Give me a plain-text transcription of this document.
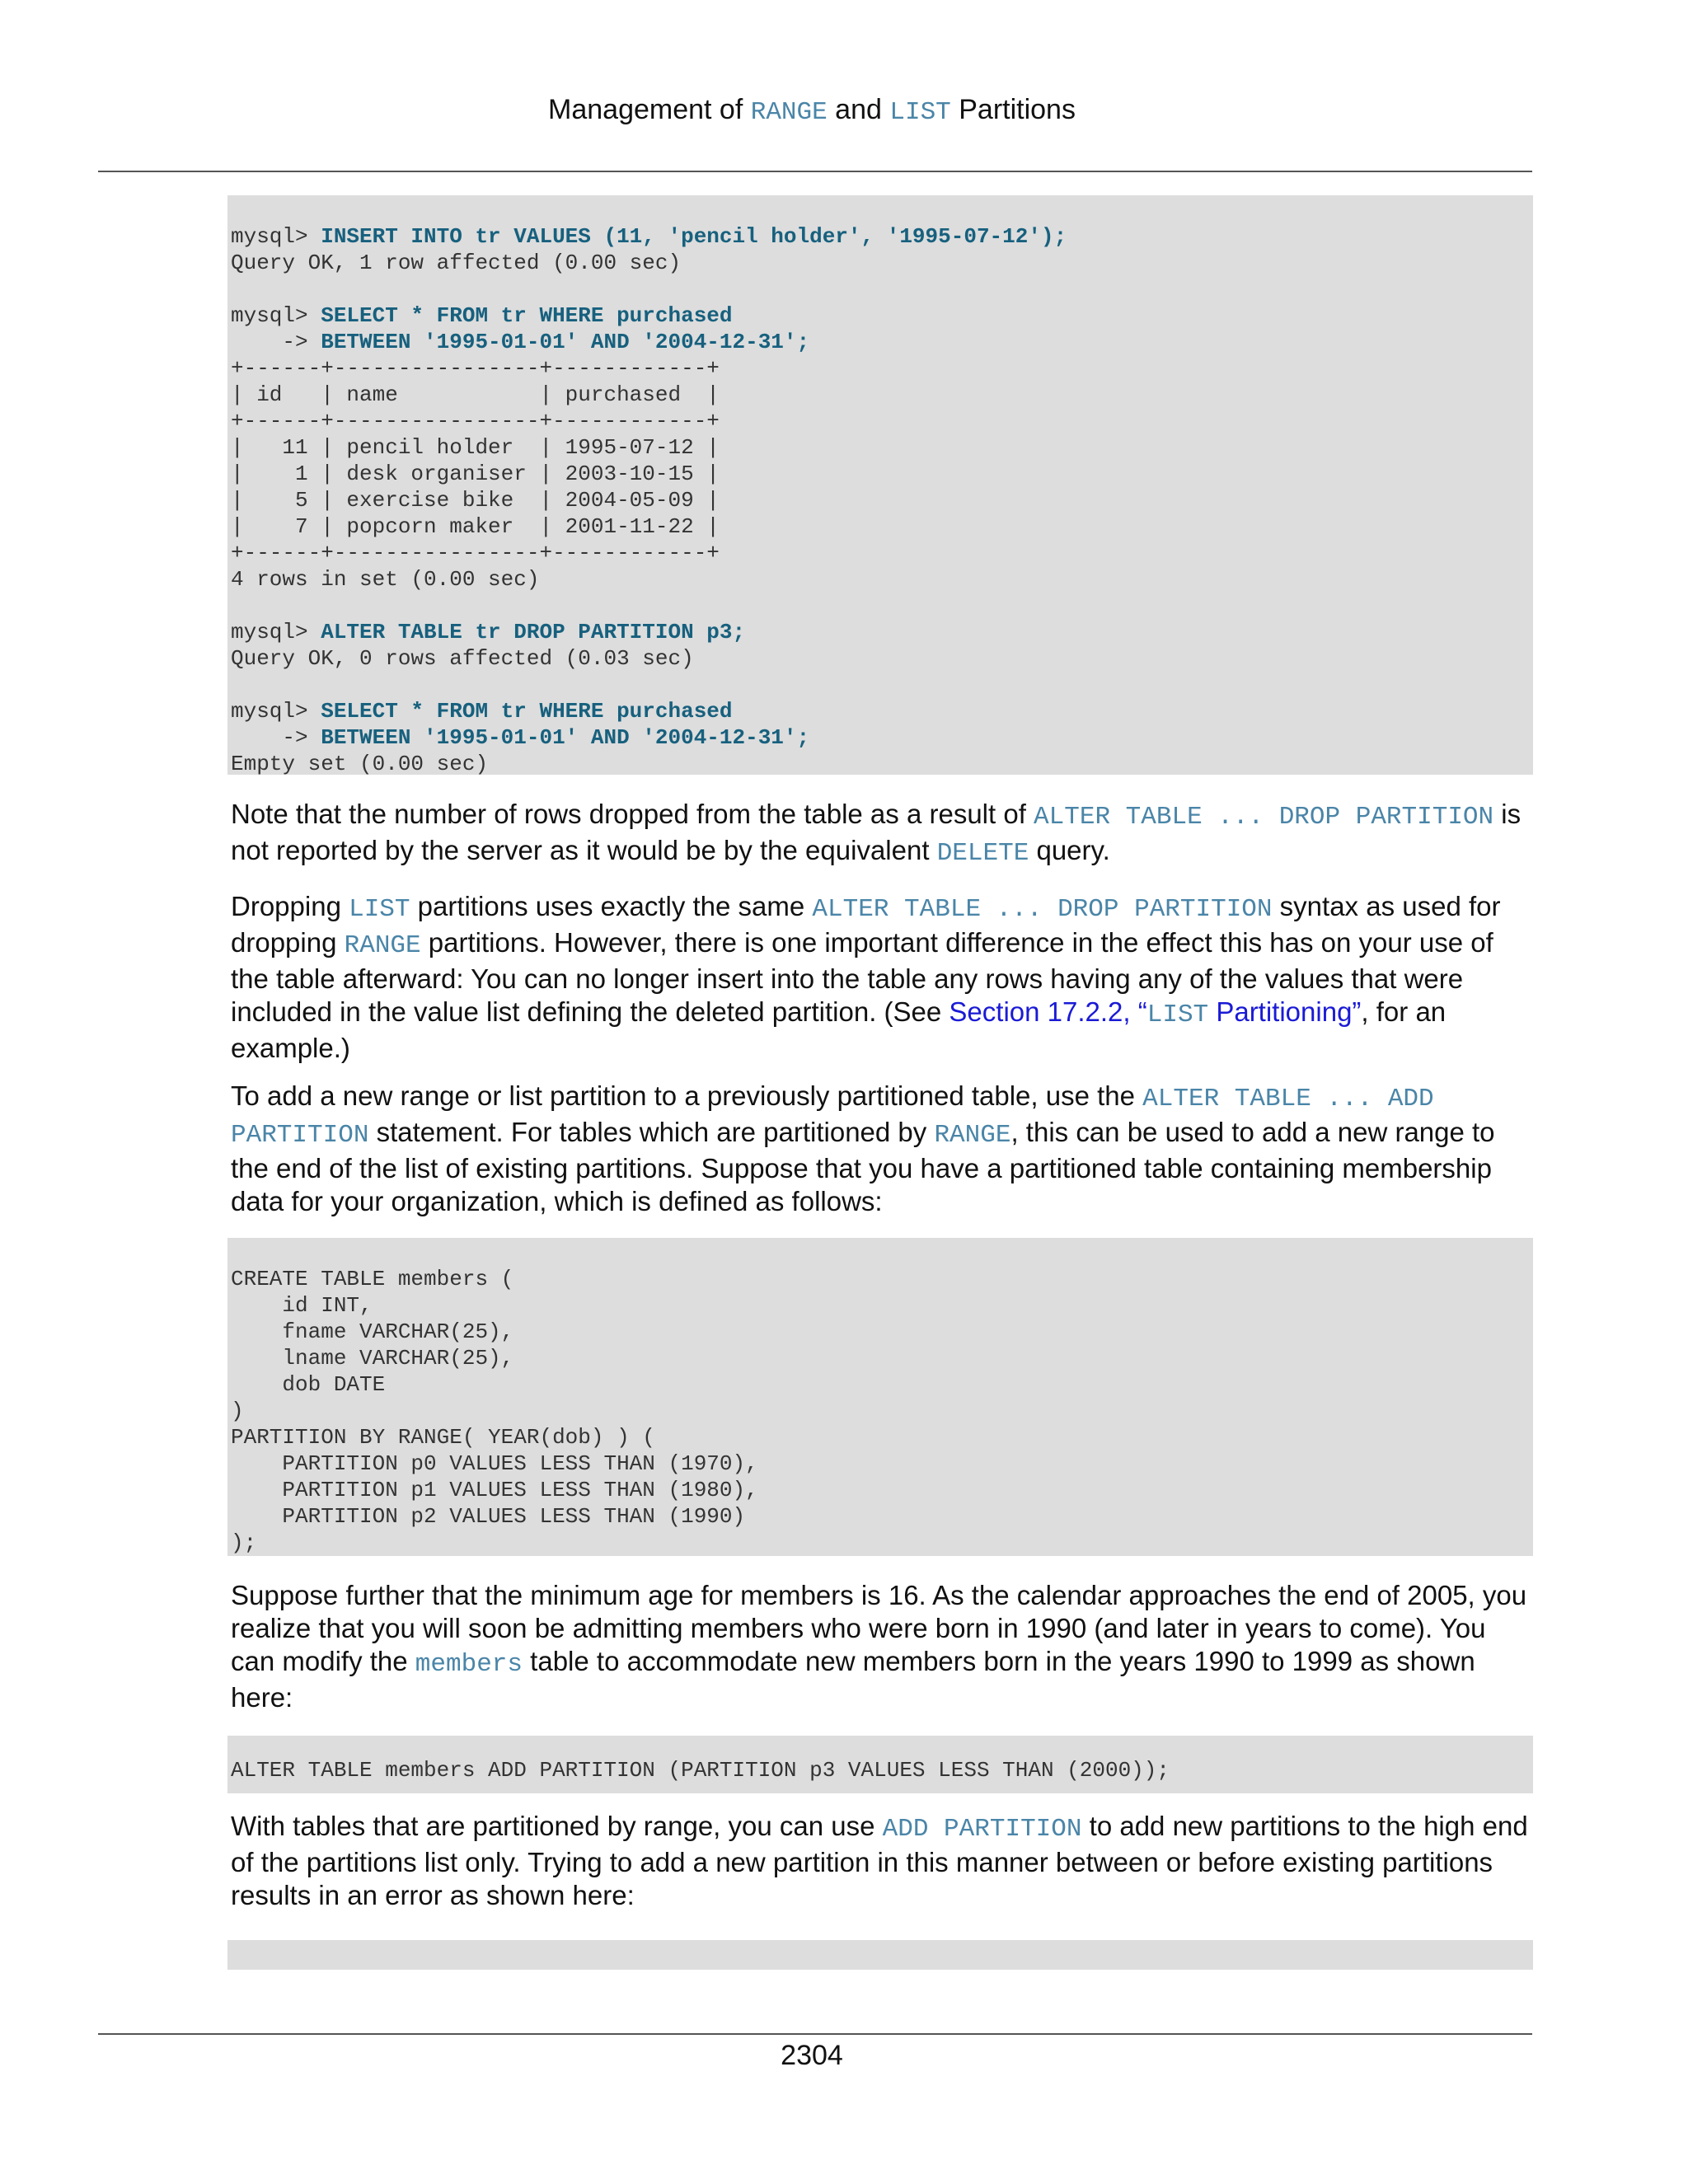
Management of RANGE and LIST Partitions
mysql> INSERT INTO tr VALUES (11, 'pencil holder', '1995-07-12');
Query OK, 1 row affected (0.00 sec)

mysql> SELECT * FROM tr WHERE purchased
-> BETWEEN '1995-01-01' AND '2004-12-31';
+------+----------------+------------+
| id   | name           | purchased  |
+------+----------------+------------+
|   11 | pencil holder  | 1995-07-12 |
|    1 | desk organiser | 2003-10-15 |
|    5 | exercise bike  | 2004-05-09 |
|    7 | popcorn maker  | 2001-11-22 |
+------+----------------+------------+
4 rows in set (0.00 sec)

mysql> ALTER TABLE tr DROP PARTITION p3;
Query OK, 0 rows affected (0.03 sec)

mysql> SELECT * FROM tr WHERE purchased
-> BETWEEN '1995-01-01' AND '2004-12-31';
Empty set (0.00 sec)
Note that the number of rows dropped from the table as a result of ALTER TABLE ... DROP PARTITION is not reported by the server as it would be by the equivalent DELETE query.
Dropping LIST partitions uses exactly the same ALTER TABLE ... DROP PARTITION syntax as used for dropping RANGE partitions. However, there is one important difference in the effect this has on your use of the table afterward: You can no longer insert into the table any rows having any of the values that were included in the value list defining the deleted partition. (See Section 17.2.2, “LIST Partitioning”, for an example.)
To add a new range or list partition to a previously partitioned table, use the ALTER TABLE ... ADD PARTITION statement. For tables which are partitioned by RANGE, this can be used to add a new range to the end of the list of existing partitions. Suppose that you have a partitioned table containing membership data for your organization, which is defined as follows:
CREATE TABLE members (
id INT,
fname VARCHAR(25),
lname VARCHAR(25),
dob DATE
)
PARTITION BY RANGE( YEAR(dob) ) (
PARTITION p0 VALUES LESS THAN (1970),
PARTITION p1 VALUES LESS THAN (1980),
PARTITION p2 VALUES LESS THAN (1990)
);
Suppose further that the minimum age for members is 16. As the calendar approaches the end of 2005, you realize that you will soon be admitting members who were born in 1990 (and later in years to come). You can modify the members table to accommodate new members born in the years 1990 to 1999 as shown here:
ALTER TABLE members ADD PARTITION (PARTITION p3 VALUES LESS THAN (2000));
With tables that are partitioned by range, you can use ADD PARTITION to add new partitions to the high end of the partitions list only. Trying to add a new partition in this manner between or before existing partitions results in an error as shown here:
2304
